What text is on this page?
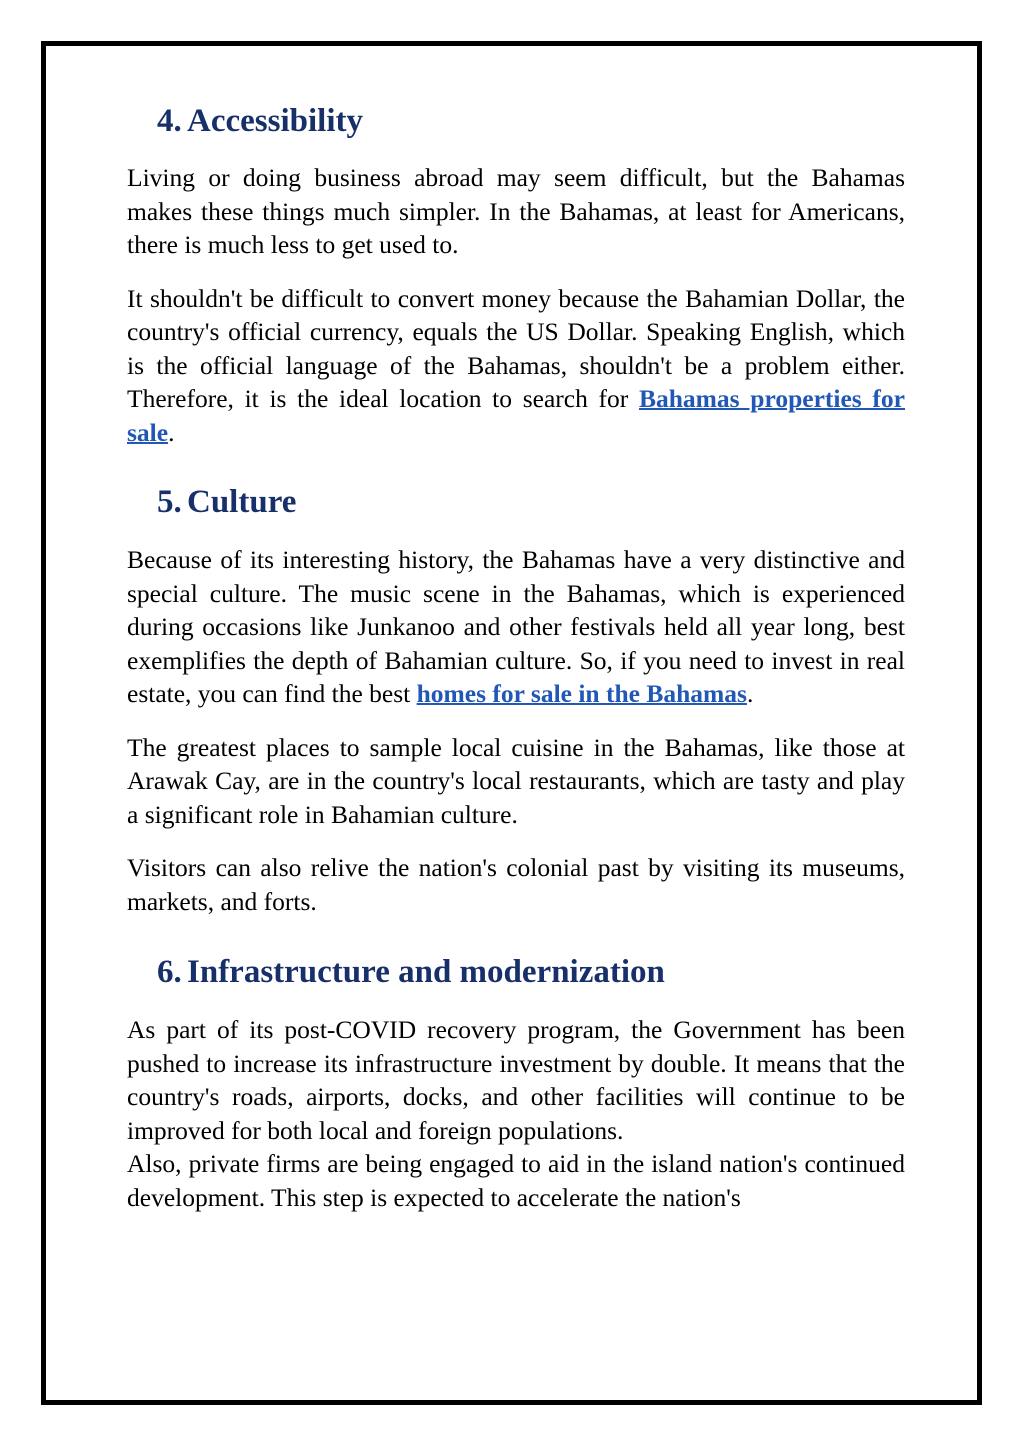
4. Accessibility

Living or doing business abroad may seem difficult, but the Bahamas makes these things much simpler. In the Bahamas, at least for Americans, there is much less to get used to.

It shouldn't be difficult to convert money because the Bahamian Dollar, the country's official currency, equals the US Dollar. Speaking English, which is the official language of the Bahamas, shouldn't be a problem either. Therefore, it is the ideal location to search for Bahamas properties for sale.

5. Culture

Because of its interesting history, the Bahamas have a very distinctive and special culture. The music scene in the Bahamas, which is experienced during occasions like Junkanoo and other festivals held all year long, best exemplifies the depth of Bahamian culture. So, if you need to invest in real estate, you can find the best homes for sale in the Bahamas.

The greatest places to sample local cuisine in the Bahamas, like those at Arawak Cay, are in the country's local restaurants, which are tasty and play a significant role in Bahamian culture.

Visitors can also relive the nation's colonial past by visiting its museums, markets, and forts.

6. Infrastructure and modernization

As part of its post-COVID recovery program, the Government has been pushed to increase its infrastructure investment by double. It means that the country's roads, airports, docks, and other facilities will continue to be improved for both local and foreign populations.

Also, private firms are being engaged to aid in the island nation's continued development. This step is expected to accelerate the nation's
